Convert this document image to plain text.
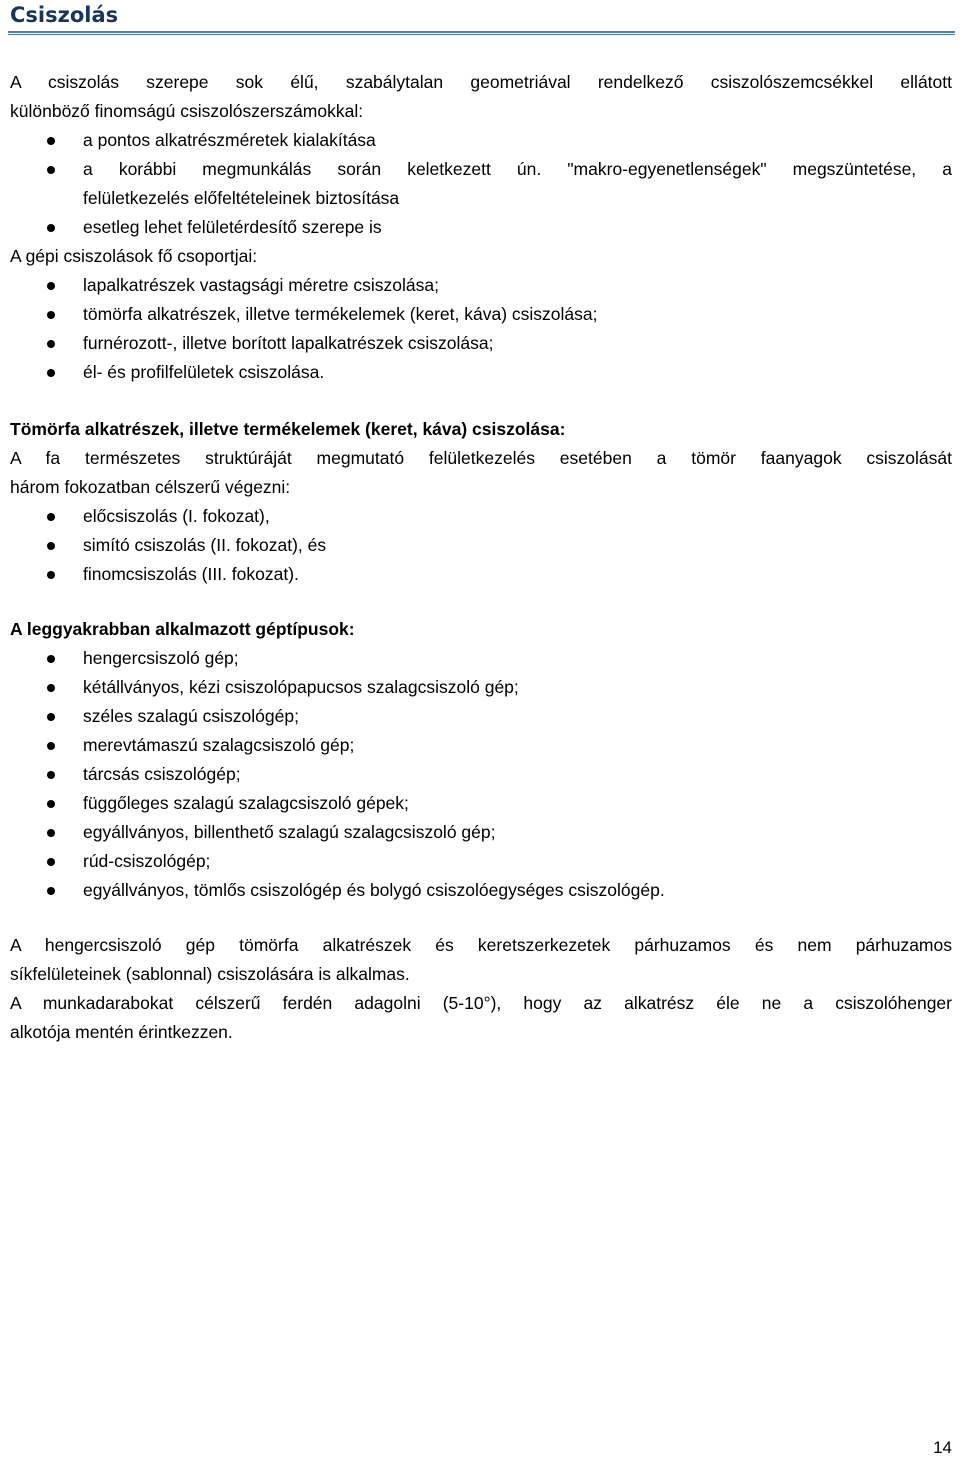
Csiszolás

A csiszolás szerepe sok élű, szabálytalan geometriával rendelkező csiszolószemcsékkel ellátott

különböző finomságú csiszolószerszámokkal:

a pontos alkatrészméretek kialakítása
a korábbi megmunkálás során keletkezett ún. "makro-egyenetlenségek" megszüntetése, a
felületkezelés előfeltételeinek biztosítása
esetleg lehet felületérdesítő szerepe is

A gépi csiszolások fő csoportjai:

lapalkatrészek vastagsági méretre csiszolása;
tömörfa alkatrészek, illetve termékelemek (keret, káva) csiszolása;
furnérozott-, illetve borított lapalkatrészek csiszolása;
él- és profilfelületek csiszolása.

Tömörfa alkatrészek, illetve termékelemek (keret, káva) csiszolása:

A fa természetes struktúráját megmutató felületkezelés esetében a tömör faanyagok csiszolását

három fokozatban célszerű végezni:

előcsiszolás (I. fokozat),
simító csiszolás (II. fokozat), és
finomcsiszolás (III. fokozat).

A leggyakrabban alkalmazott géptípusok:

hengercsiszoló gép;
kétállványos, kézi csiszolópapucsos szalagcsiszoló gép;
széles szalagú csiszológép;
merevtámaszú szalagcsiszoló gép;
tárcsás csiszológép;
függőleges szalagú szalagcsiszoló gépek;
egyállványos, billenthető szalagú szalagcsiszoló gép;
rúd-csiszológép;
egyállványos, tömlős csiszológép és bolygó csiszolóegységes csiszológép.

A hengercsiszoló gép tömörfa alkatrészek és keretszerkezetek párhuzamos és nem párhuzamos

síkfelületeinek (sablonnal) csiszolására is alkalmas.

A munkadarabokat célszerű ferdén adagolni (5-10°), hogy az alkatrész éle ne a csiszolóhenger

alkotója mentén érintkezzen.

14
